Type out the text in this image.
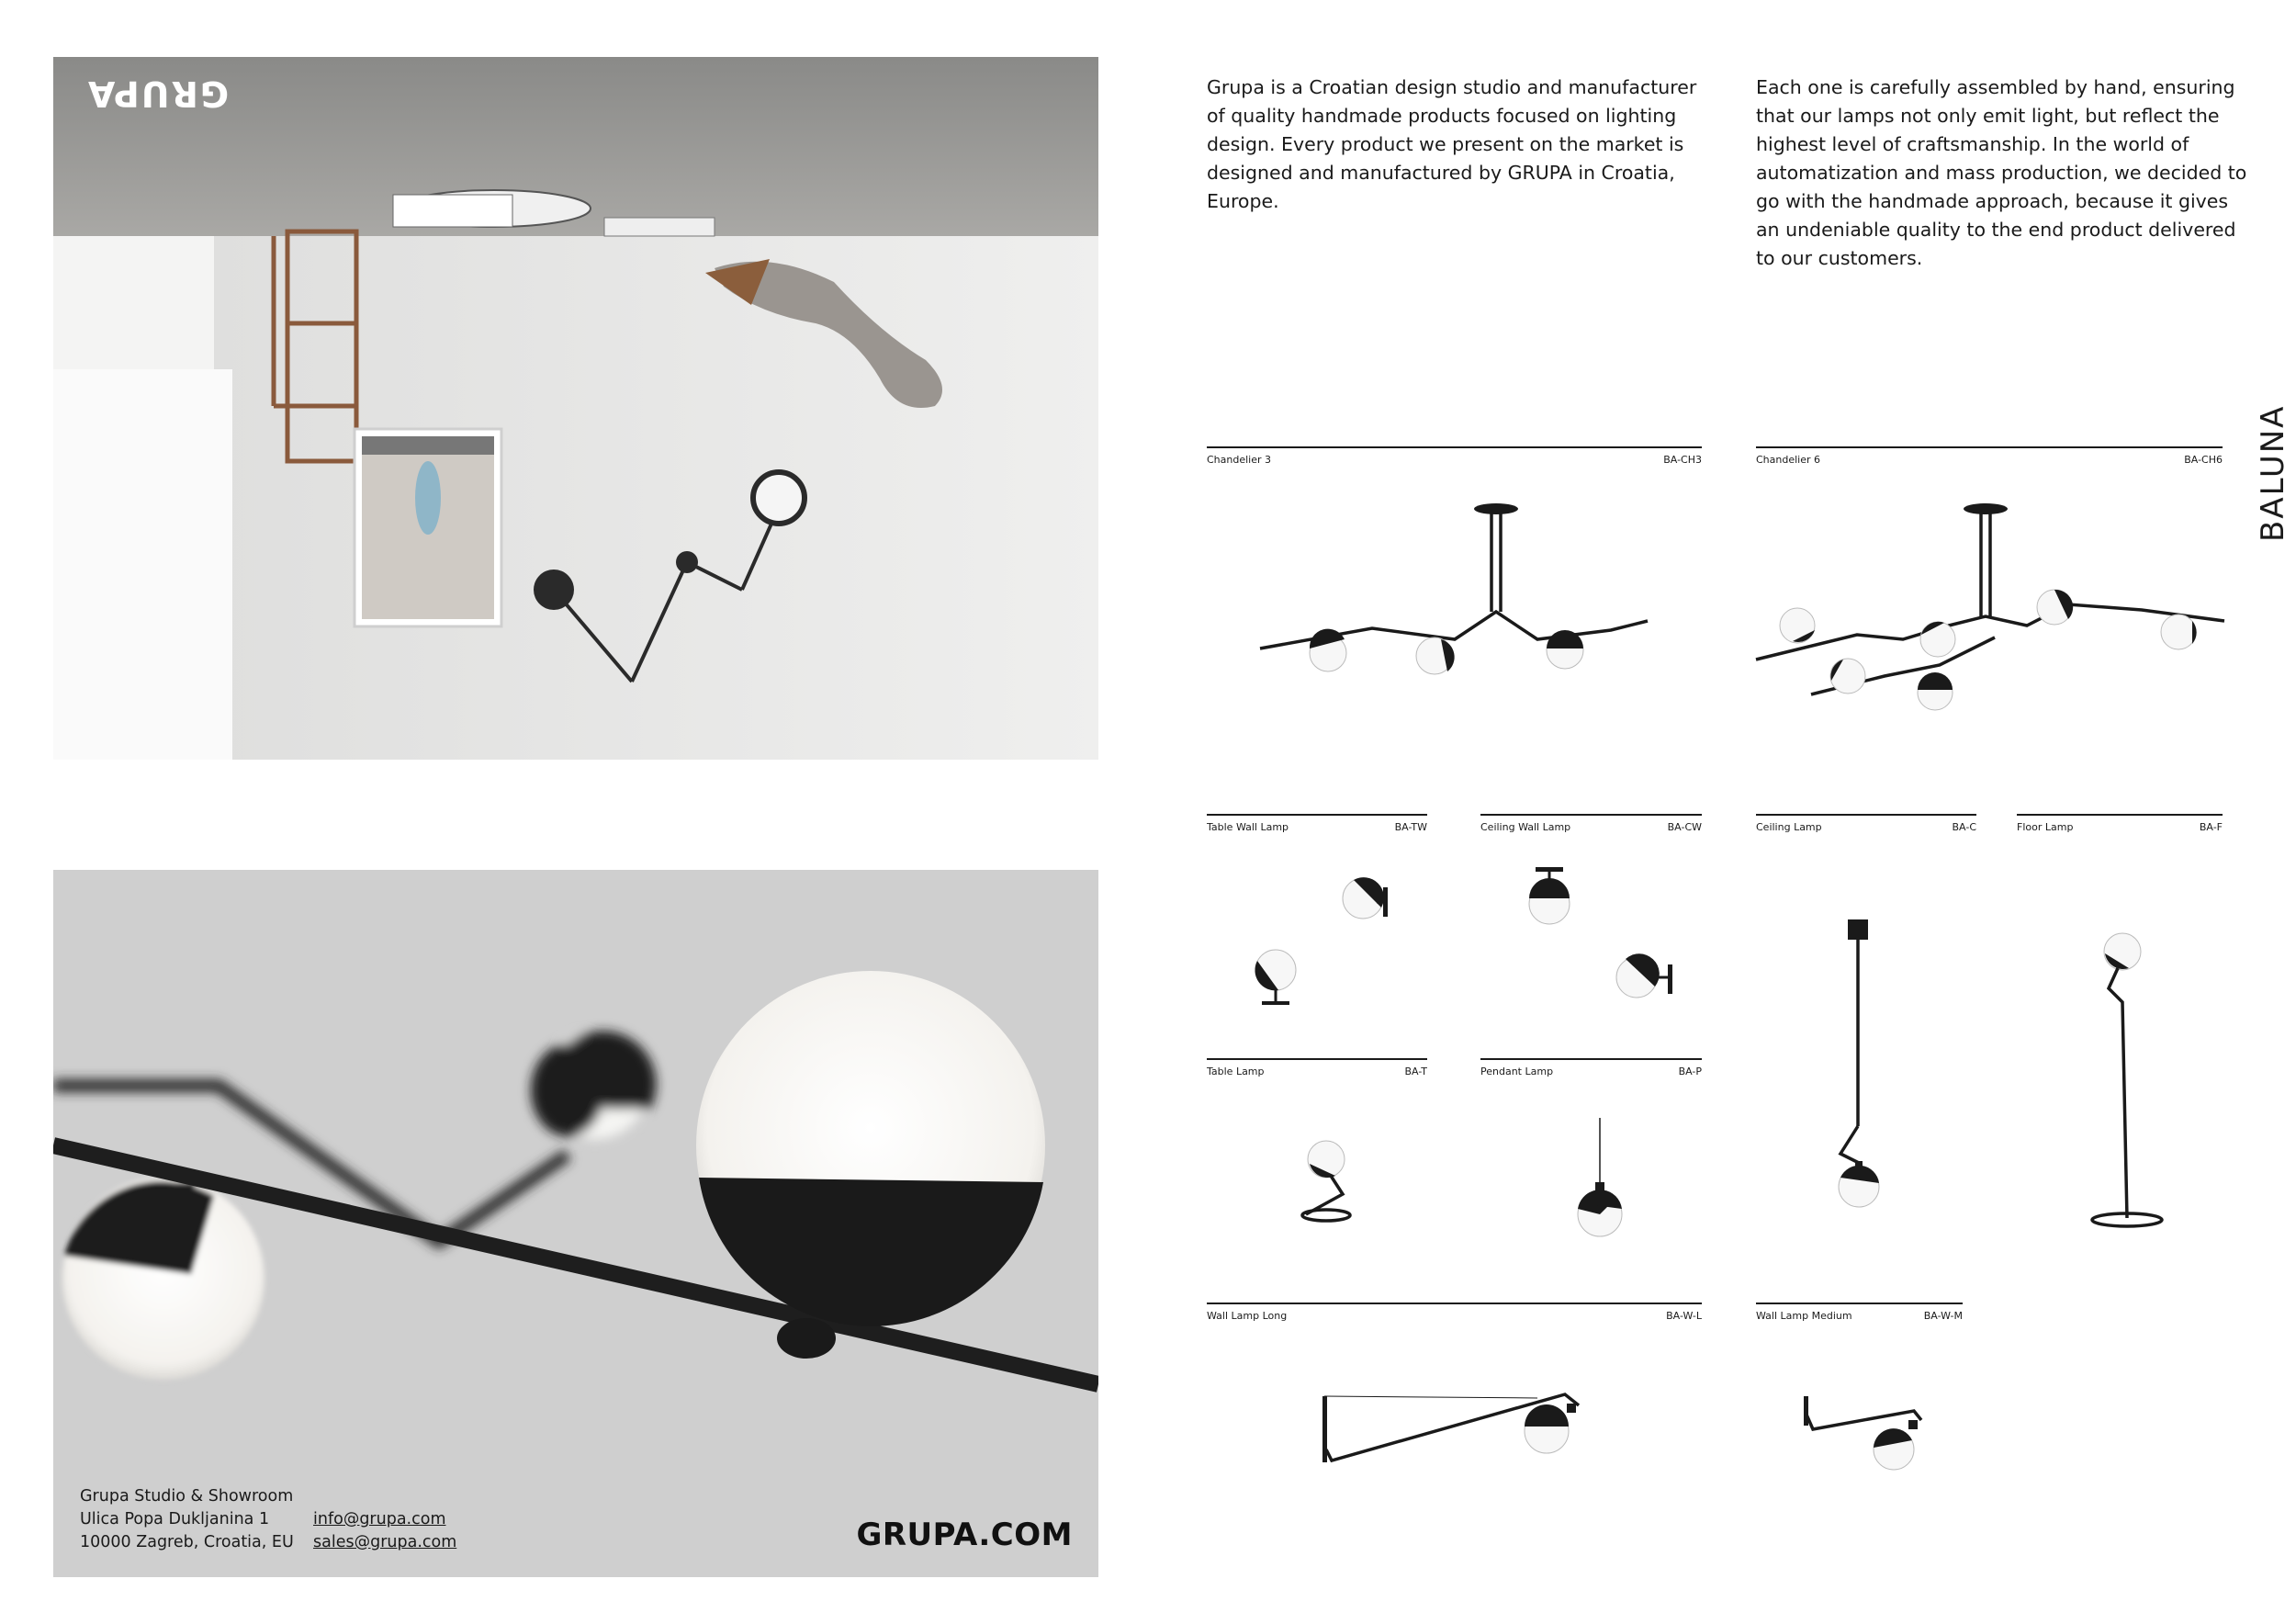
GRUPA
Grupa Studio & Showroom
Ulica Popa Dukljanina 1
10000 Zagreb, Croatia, EU
info@grupa.com
sales@grupa.com	GRUPA.COM
Grupa is a Croatian design studio and manufacturer of quality handmade products focused on lighting design. Every product we present on the market is designed and manufactured by GRUPA in Croatia, Europe.
Each one is carefully assembled by hand, ensuring that our lamps not only emit light, but reflect the highest level of craftsmanship. In the world of automatization and mass production, we decided to go with the handmade approach, because it gives an undeniable quality to the end product delivered to our customers.
BALUNA
Chandelier 3	BA-CH3	Chandelier 6	BA-CH6
Table Wall Lamp	BA-TW	Ceiling Wall Lamp	BA-CW	Ceiling Lamp	BA-C	Floor Lamp	BA-F
Table Lamp	BA-T	Pendant Lamp	BA-P
Wall Lamp Long	BA-W-L	Wall Lamp Medium	BA-W-M
